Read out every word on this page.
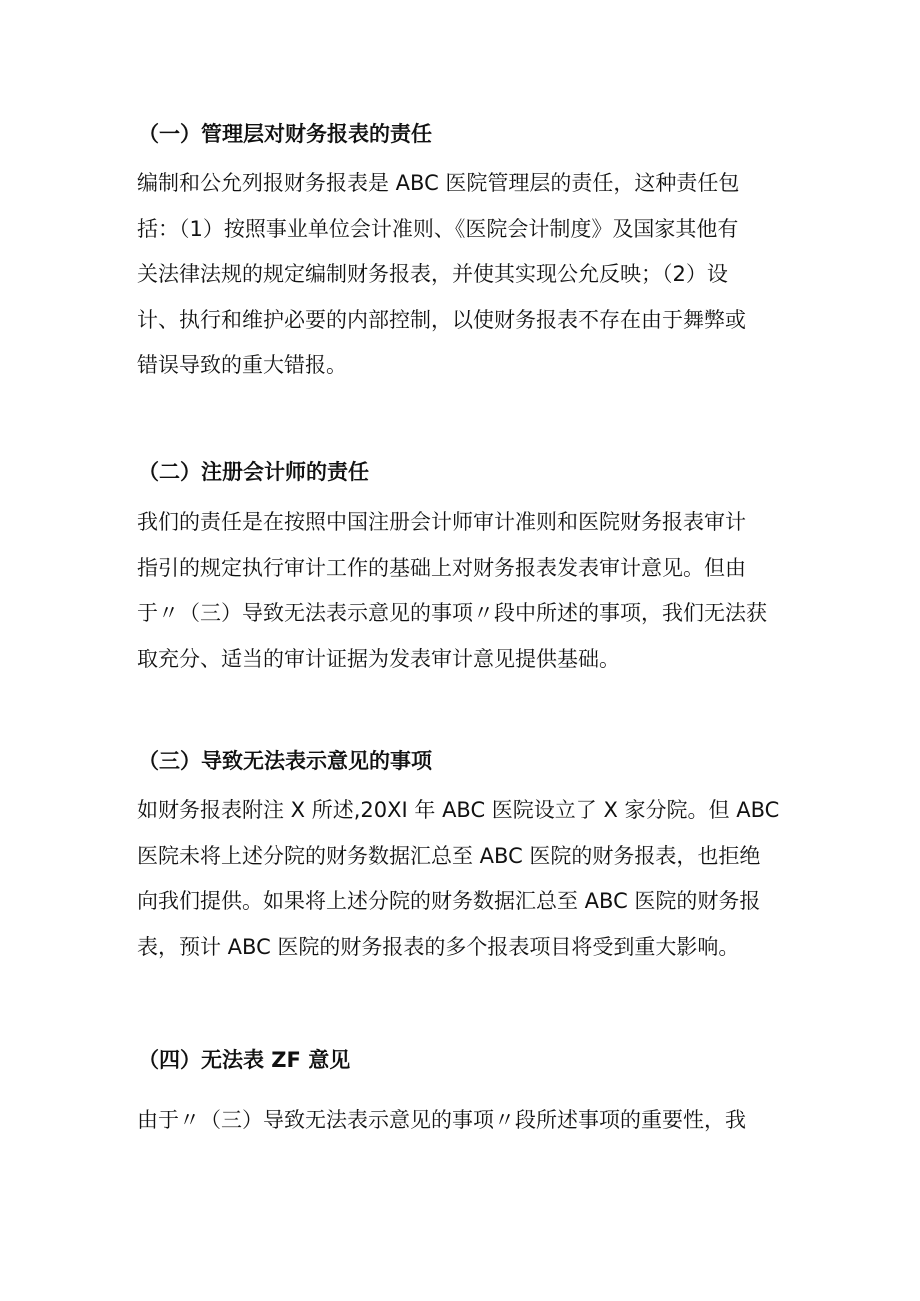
（一）管理层对财务报表的责任

编制和公允列报财务报表是 ABC 医院管理层的责任，这种责任包
括：（1）按照事业单位会计准则、《医院会计制度》及国家其他有
关法律法规的规定编制财务报表，并使其实现公允反映；（2）设
计、执行和维护必要的内部控制，以使财务报表不存在由于舞弊或
错误导致的重大错报。

（二）注册会计师的责任

我们的责任是在按照中国注册会计师审计准则和医院财务报表审计
指引的规定执行审计工作的基础上对财务报表发表审计意见。但由
于〃（三）导致无法表示意见的事项〃段中所述的事项，我们无法获
取充分、适当的审计证据为发表审计意见提供基础。

（三）导致无法表示意见的事项

如财务报表附注 X 所述,20XI 年 ABC 医院设立了 X 家分院。但 ABC
医院未将上述分院的财务数据汇总至 ABC 医院的财务报表，也拒绝
向我们提供。如果将上述分院的财务数据汇总至 ABC 医院的财务报
表，预计 ABC 医院的财务报表的多个报表项目将受到重大影响。

（四）无法表 ZF 意见

由于〃（三）导致无法表示意见的事项〃段所述事项的重要性，我
